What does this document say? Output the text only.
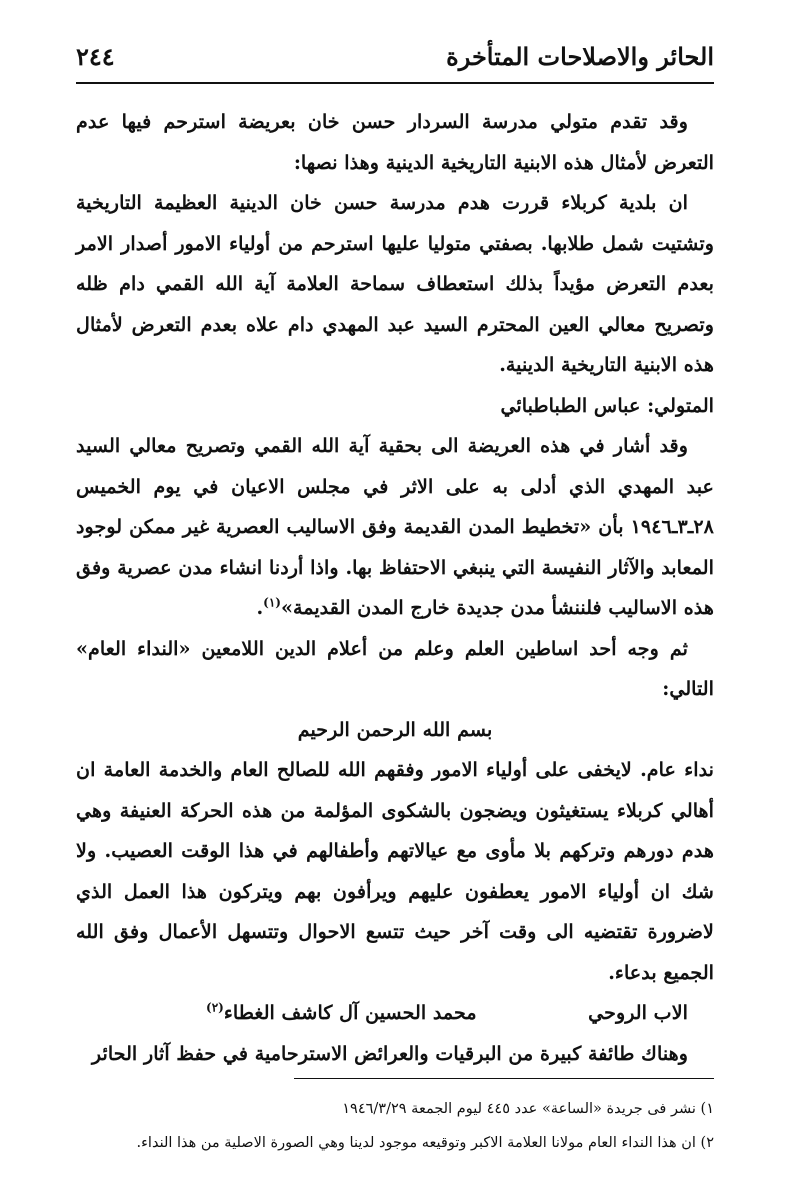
الحائر والاصلاحات المتأخرة
٢٤٤

وقد تقدم متولي مدرسة السردار حسن خان بعريضة استرحم فيها عدم التعرض لأمثال هذه الابنية التاريخية الدينية وهذا نصها:

ان بلدية كربلاء قررت هدم مدرسة حسن خان الدينية العظيمة التاريخية وتشتيت شمل طلابها. بصفتي متوليا عليها استرحم من أولياء الامور أصدار الامر بعدم التعرض مؤيداً بذلك استعطاف سماحة العلامة آية الله القمي دام ظله وتصريح معالي العين المحترم السيد عبد المهدي دام علاه بعدم التعرض لأمثال هذه الابنية التاريخية الدينية.

المتولي: عباس الطباطبائي

وقد أشار في هذه العريضة الى بحقية آية الله القمي وتصريح معالي السيد عبد المهدي الذي أدلى به على الاثر في مجلس الاعيان في يوم الخميس ٢٨ـ٣ـ١٩٤٦ بأن «تخطيط المدن القديمة وفق الاساليب العصرية غير ممكن لوجود المعابد والآثار النفيسة التي ينبغي الاحتفاظ بها. واذا أردنا انشاء مدن عصرية وفق هذه الاساليب فلننشأ مدن جديدة خارج المدن القديمة»$^{(١)}$.

ثم وجه أحد اساطين العلم وعلم من أعلام الدين اللامعين «النداء العام» التالي:

بسم الله الرحمن الرحيم

نداء عام. لايخفى على أولياء الامور وفقهم الله للصالح العام والخدمة العامة ان أهالي كربلاء يستغيثون ويضجون بالشكوى المؤلمة من هذه الحركة العنيفة وهي هدم دورهم وتركهم بلا مأوى مع عيالاتهم وأطفالهم في هذا الوقت العصيب. ولا شك ان أولياء الامور يعطفون عليهم ويرأفون بهم ويتركون هذا العمل الذي لاضرورة تقتضيه الى وقت آخر حيث تتسع الاحوال وتتسهل الأعمال وفق الله الجميع بدعاء.

الاب الروحي
محمد الحسين آل كاشف الغطاء$^{(٢)}$

وهناك طائفة كبيرة من البرقيات والعرائض الاسترحامية في حفظ آثار الحائر

١) نشر فى جريدة «الساعة» عدد ٤٤٥ ليوم الجمعة ١٩٤٦/٣/٢٩

٢) ان هذا النداء العام مولانا العلامة الاكبر وتوقيعه موجود لدينا وهي الصورة الاصلية من هذا النداء.
